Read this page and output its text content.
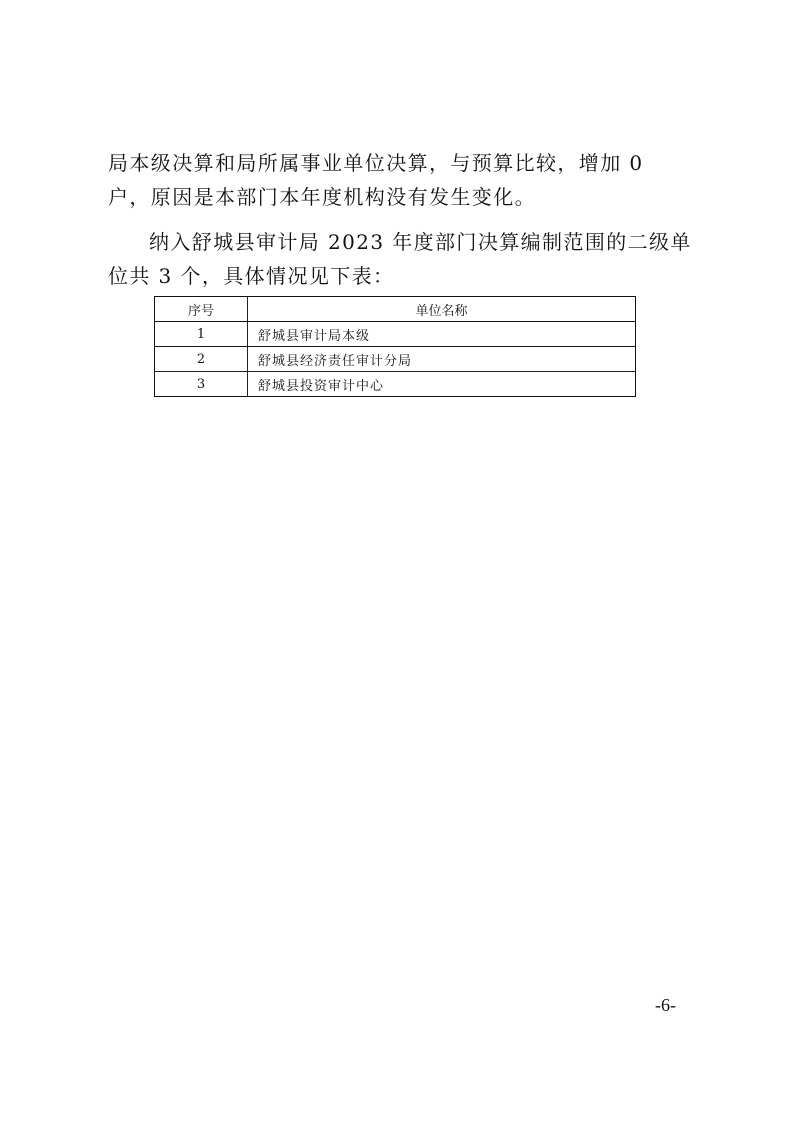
局本级决算和局所属事业单位决算，与预算比较，增加 0 户，原因是本部门本年度机构没有发生变化。

纳入舒城县审计局 2023 年度部门决算编制范围的二级单位共 3 个，具体情况见下表：

序号	单位名称
1	舒城县审计局本级
2	舒城县经济责任审计分局
3	舒城县投资审计中心
-6-
